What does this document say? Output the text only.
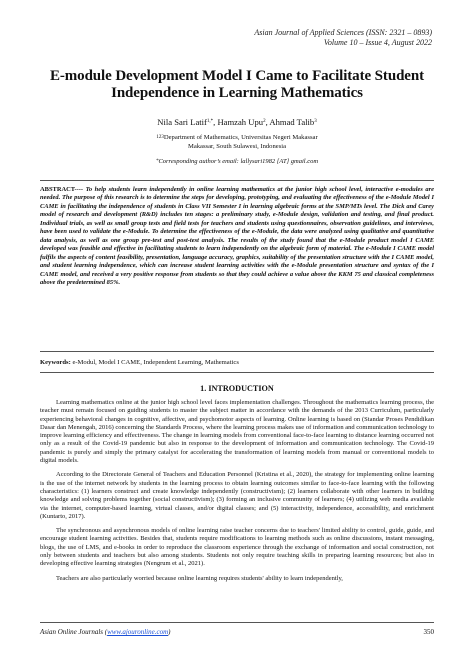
Asian Journal of Applied Sciences (ISSN: 2321 – 0893)
Volume 10 – Issue 4, August 2022
E-module Development Model I Came to Facilitate Student
Independence in Learning Mathematics
Nila Sari Latif$^{1,*}$, Hamzah Upu$^2$, Ahmad Talib$^3$
$^{123}$Department of Mathematics, Universitas Negeri Makassar
Makassar, South Sulawesi, Indonesia
*Corresponding author’s email: lallysari1982 [AT] gmail.com
ABSTRACT---- To help students learn independently in online learning mathematics at the junior high school level, interactive e-modules are needed. The purpose of this research is to determine the steps for developing, prototyping, and evaluating the effectiveness of the e-Module Model I CAME in facilitating the independence of students in Class VII Semester I in learning algebraic forms at the SMP/MTs level. The Dick and Carey model of research and development (R&D) includes ten stages: a preliminary study, e-Module design, validation and testing, and final product. Individual trials, as well as small group tests and field tests for teachers and students using questionnaires, observation guidelines, and interviews, have been used to validate the e-Module. To determine the effectiveness of the e-Module, the data were analyzed using qualitative and quantitative data analysis, as well as one group pre-test and post-test analysis. The results of the study found that the e-Module product model I CAME developed was feasible and effective in facilitating students to learn independently on the algebraic form of material. The e-Module I CAME model fulfils the aspects of content feasibility, presentation, language accuracy, graphics, suitability of the presentation structure with the I CAME model, and student learning independence, which can increase student learning activities with the e-Module presentation structure and syntax of the I CAME model, and received a very positive response from students so that they could achieve a value above the KKM 75 and classical completeness above the predetermined 85%.
Keywords: e-Modul, Model I CAME, Independent Learning, Mathematics
1. INTRODUCTION

Learning mathematics online at the junior high school level faces implementation challenges. Throughout the mathematics learning process, the teacher must remain focused on guiding students to master the subject matter in accordance with the demands of the 2013 Curriculum, particularly experiencing behavioral changes in cognitive, affective, and psychomotor aspects of learning. Online learning is based on (Standar Proses Pendidikan Dasar dan Menengah, 2016) concerning the Standards Process, where the learning process makes use of information and communication technology to improve learning efficiency and effectiveness. The change in learning models from conventional face-to-face learning to distance learning occurred not only as a result of the Covid-19 pandemic but also in response to the development of information and communication technology. The Covid-19 pandemic is purely and simply the primary catalyst for accelerating the transformation of learning models from manual or conventional models to digital models.

According to the Directorate General of Teachers and Education Personnel (Kristina et al., 2020), the strategy for implementing online learning is the use of the internet network by students in the learning process to obtain learning outcomes similar to face-to-face learning with the following characteristics: (1) learners construct and create knowledge independently (constructivism); (2) learners collaborate with other learners in building knowledge and solving problems together (social constructivism); (3) forming an inclusive community of learners; (4) utilizing web media available via the internet, computer-based learning, virtual classes, and/or digital classes; and (5) interactivity, independence, accessibility, and enrichment (Kuntarto, 2017).

The synchronous and asynchronous models of online learning raise teacher concerns due to teachers' limited ability to control, guide, guide, and encourage student learning activities. Besides that, students require modifications to learning methods such as online discussions, instant messaging, blogs, the use of LMS, and e-books in order to reproduce the classroom experience through the exchange of information and social construction, not only between students and teachers but also among students. Students not only require teaching skills in preparing learning resources; but also in developing effective learning strategies (Nengrum et al., 2021).

Teachers are also particularly worried because online learning requires students' ability to learn independently,

Asian Online Journals (www.ajouronline.com)	350
